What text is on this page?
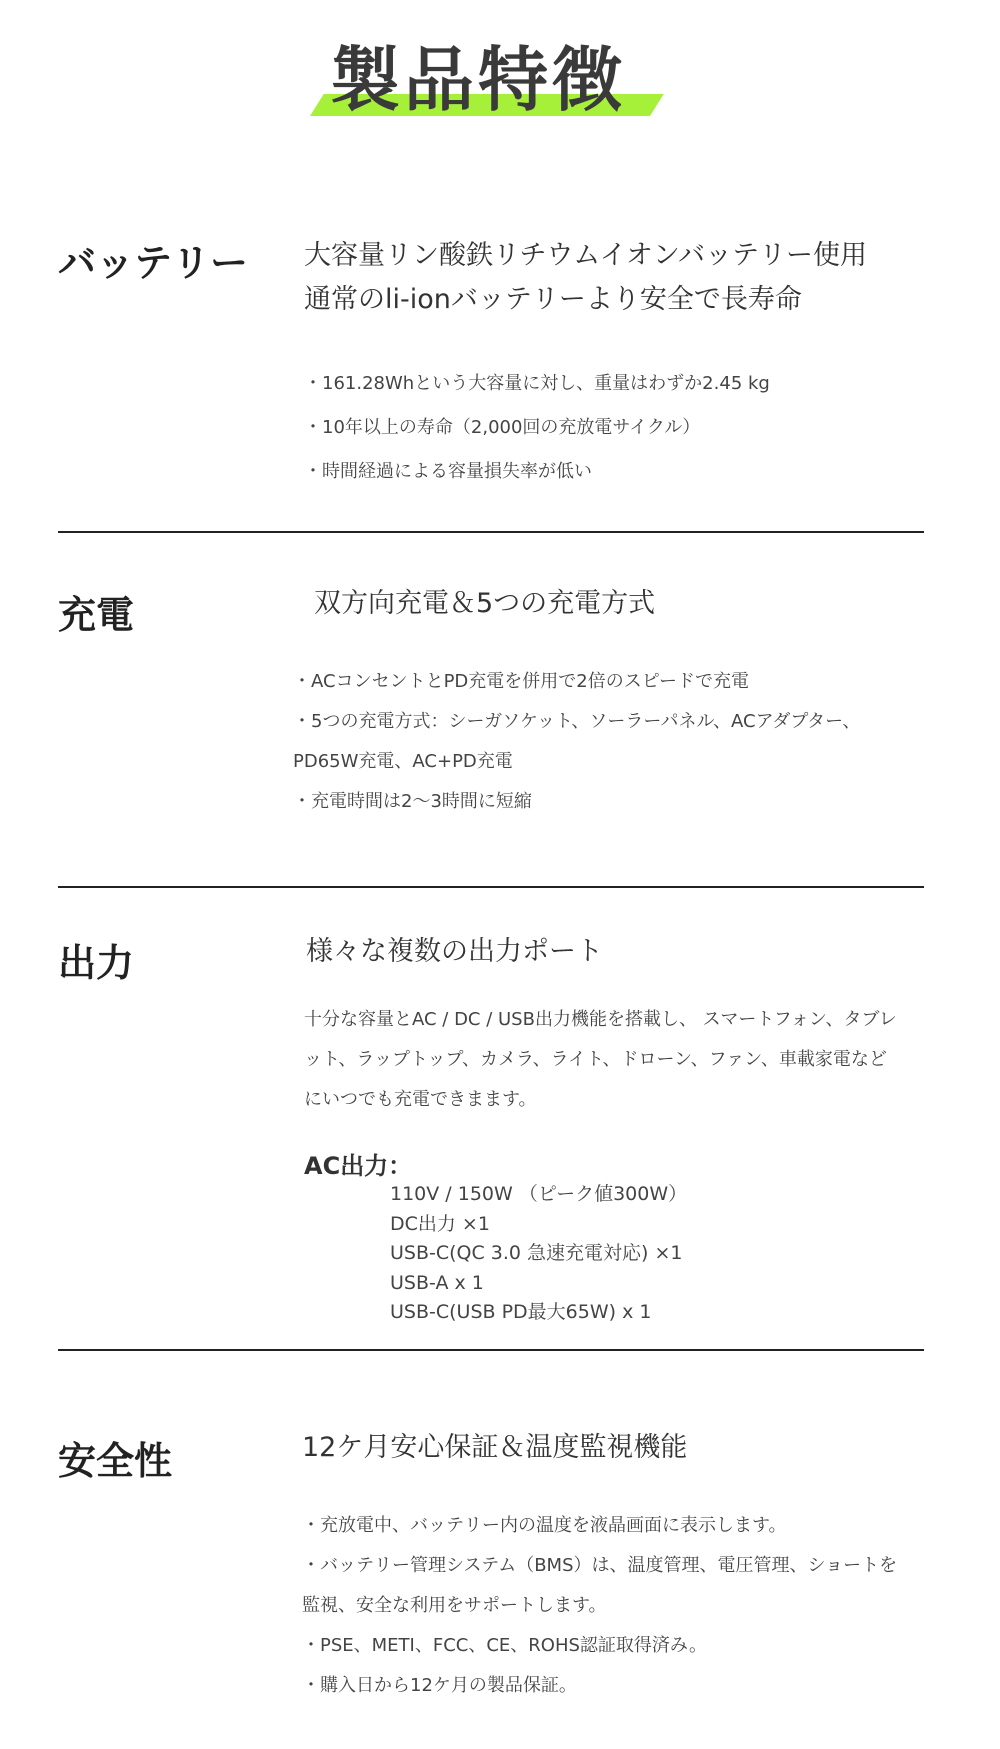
製品特徴
バッテリー 大容量リン酸鉄リチウムイオンバッテリー使用
通常のli-ionバッテリーより安全で長寿命
・161.28Whという大容量に対し、重量はわずか2.45 kg
・10年以上の寿命（2,000回の充放電サイクル）
・時間経過による容量損失率が低い
充電	双方向充電＆5つの充電方式
・ACコンセントとPD充電を併用で2倍のスピードで充電
・5つの充電方式：シーガソケット、ソーラーパネル、ACアダプター、
PD65W充電、AC+PD充電
・充電時間は2〜3時間に短縮
出力	様々な複数の出力ポート
十分な容量とAC / DC / USB出力機能を搭載し、 スマートフォン、タブレ
ット、ラップトップ、カメラ、ライト、ドローン、ファン、車載家電など
にいつでも充電できまます。
AC出力：
110V / 150W （ピーク値300W）
DC出力 ×1
USB-C(QC 3.0 急速充電対応) ×1
USB-A x 1
USB-C(USB PD最大65W) x 1
安全性	12ケ月安心保証＆温度監視機能
・充放電中、バッテリー内の温度を液晶画面に表示します。
・バッテリー管理システム（BMS）は、温度管理、電圧管理、ショートを
監視、安全な利用をサポートします。
・PSE、METI、FCC、CE、ROHS認証取得済み。
・購入日から12ケ月の製品保証。
